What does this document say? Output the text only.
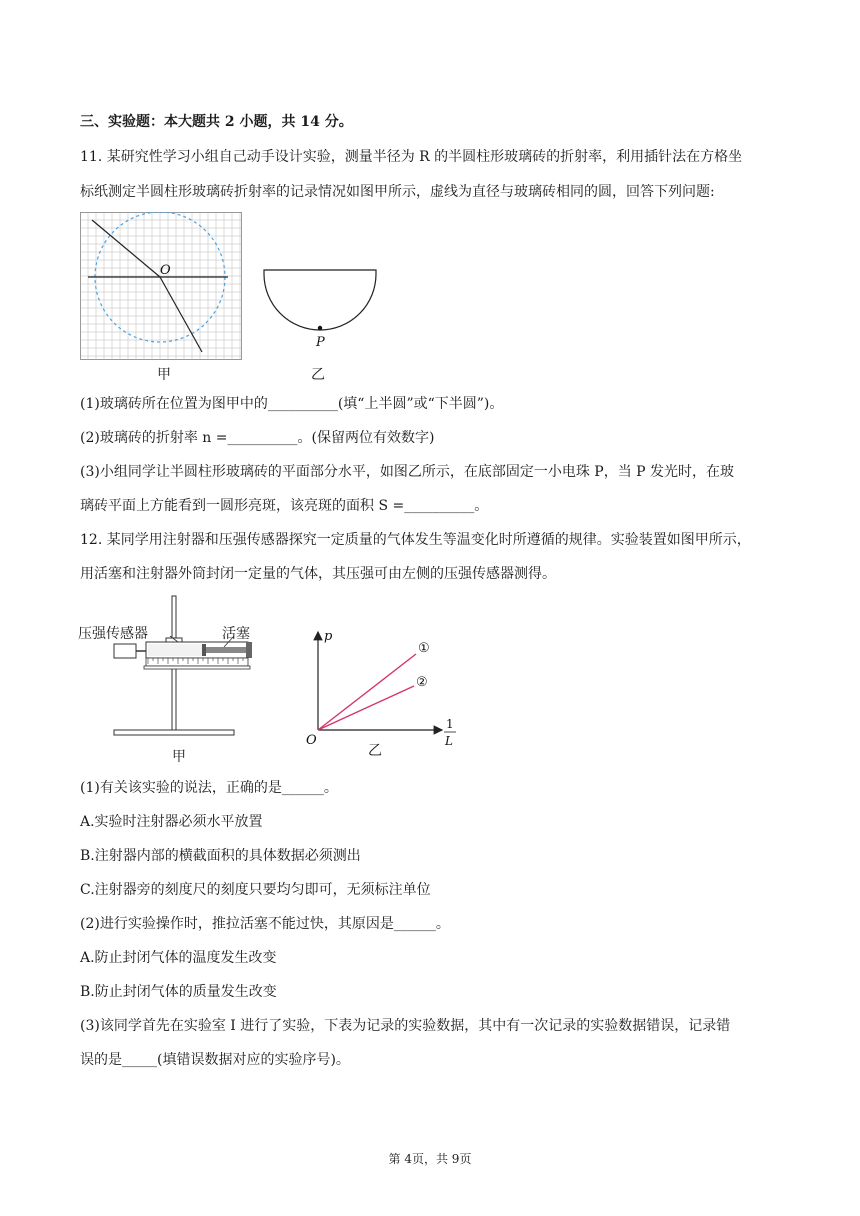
三、实验题：本大题共 2 小题，共 14 分。
11. 某研究性学习小组自己动手设计实验，测量半径为 R 的半圆柱形玻璃砖的折射率，利用插针法在方格坐
标纸测定半圆柱形玻璃砖折射率的记录情况如图甲所示，虚线为直径与玻璃砖相同的圆，回答下列问题:
O
甲
P
乙
(1)玻璃砖所在位置为图甲中的__________(填“上半圆”或“下半圆”)。
(2)玻璃砖的折射率 n =__________。(保留两位有效数字)
(3)小组同学让半圆柱形玻璃砖的平面部分水平，如图乙所示，在底部固定一小电珠 P，当 P 发光时，在玻
璃砖平面上方能看到一圆形亮斑，该亮斑的面积 S =__________。
12. 某同学用注射器和压强传感器探究一定质量的气体发生等温变化时所遵循的规律。实验装置如图甲所示，
用活塞和注射器外筒封闭一定量的气体，其压强可由左侧的压强传感器测得。
压强传感器	活塞
甲
p
O
①
②
1
L
乙
(1)有关该实验的说法，正确的是______。
A.实验时注射器必须水平放置
B.注射器内部的横截面积的具体数据必须测出
C.注射器旁的刻度尺的刻度只要均匀即可，无须标注单位
(2)进行实验操作时，推拉活塞不能过快，其原因是______。
A.防止封闭气体的温度发生改变
B.防止封闭气体的质量发生改变
(3)该同学首先在实验室 I 进行了实验，下表为记录的实验数据，其中有一次记录的实验数据错误，记录错
误的是_____(填错误数据对应的实验序号)。
第 4页，共 9页
